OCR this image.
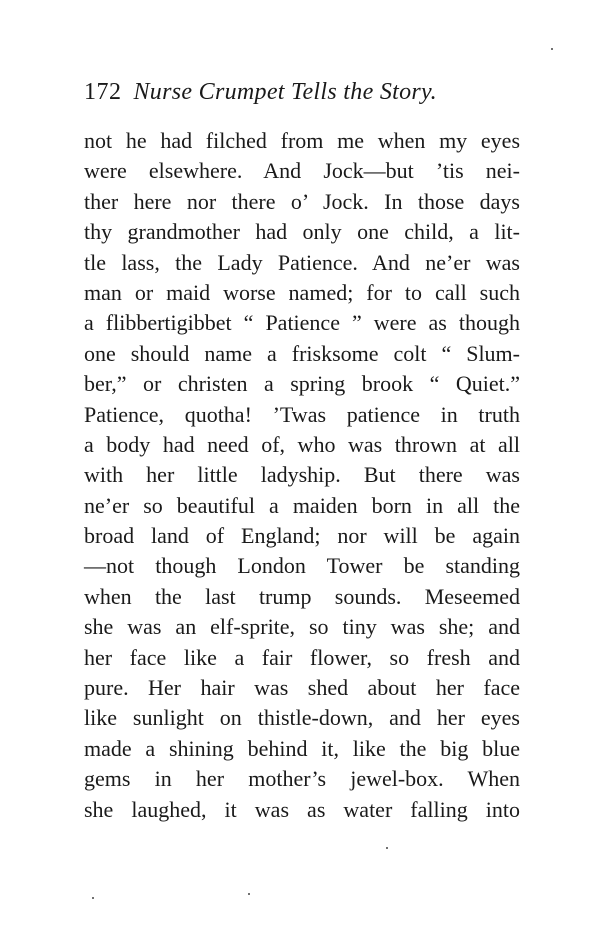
172 Nurse Crumpet Tells the Story.
not he had filched from me when my eyes
were elsewhere. And Jock—but ’tis nei-
ther here nor there o’ Jock. In those days
thy grandmother had only one child, a lit-
tle lass, the Lady Patience. And ne’er was
man or maid worse named; for to call such
a flibbertigibbet “ Patience ” were as though
one should name a frisksome colt “ Slum-
ber,” or christen a spring brook “ Quiet.”
Patience, quotha! ’Twas patience in truth
a body had need of, who was thrown at all
with her little ladyship. But there was
ne’er so beautiful a maiden born in all the
broad land of England; nor will be again
—not though London Tower be standing
when the last trump sounds. Meseemed
she was an elf-sprite, so tiny was she; and
her face like a fair flower, so fresh and
pure. Her hair was shed about her face
like sunlight on thistle-down, and her eyes
made a shining behind it, like the big blue
gems in her mother’s jewel-box. When
she laughed, it was as water falling into
